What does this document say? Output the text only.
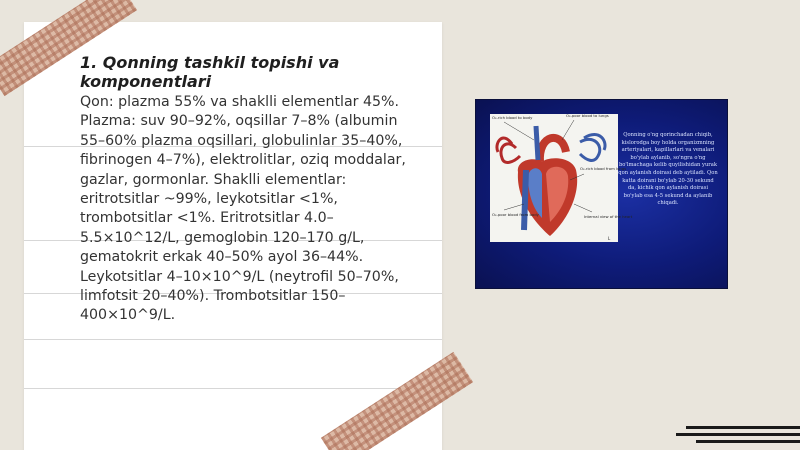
1. Qonning tashkil topishi va komponentlari

Qon: plazma 55% va shaklli elementlar 45%. Plazma: suv 90–92%, oqsillar 7–8% (albumin 55–60% plazma oqsillari, globulinlar 35–40%, fibrinogen 4–7%), elektrolitlar, oziq moddalar, gazlar, gormonlar. Shaklli elementlar: eritrotsitlar ~99%, leykotsitlar <1%, trombotsitlar <1%. Eritrotsitlar 4.0–5.5×10^12/L, gemoglobin 120–170 g/L, gematokrit erkak 40–50% ayol 36–44%. Leykotsitlar 4–10×10^9/L (neytrofil 50–70%, limfotsit 20–40%). Trombotsitlar 150–400×10^9/L.

O₂-rich blood to body	O₂-poor blood to lungs
O₂-rich blood from lungs
O₂-poor blood from body	Internal view of the heart
L
Qonning o'ng qorinchadan chiqib, kislorodga boy holda organizmning arteriyalari, kapillarlari va venalari bo'ylab aylanib, so'ngra o'ng bo'lmachaga kelib quyilishidan yurak qon aylanish doirasi deb aytiladi. Qon katta doirani bo'ylab 20-30 sekund da, kichik qon aylanish doirasi bo'ylab esa 4-5 sekund da aylanib chiqadi.
